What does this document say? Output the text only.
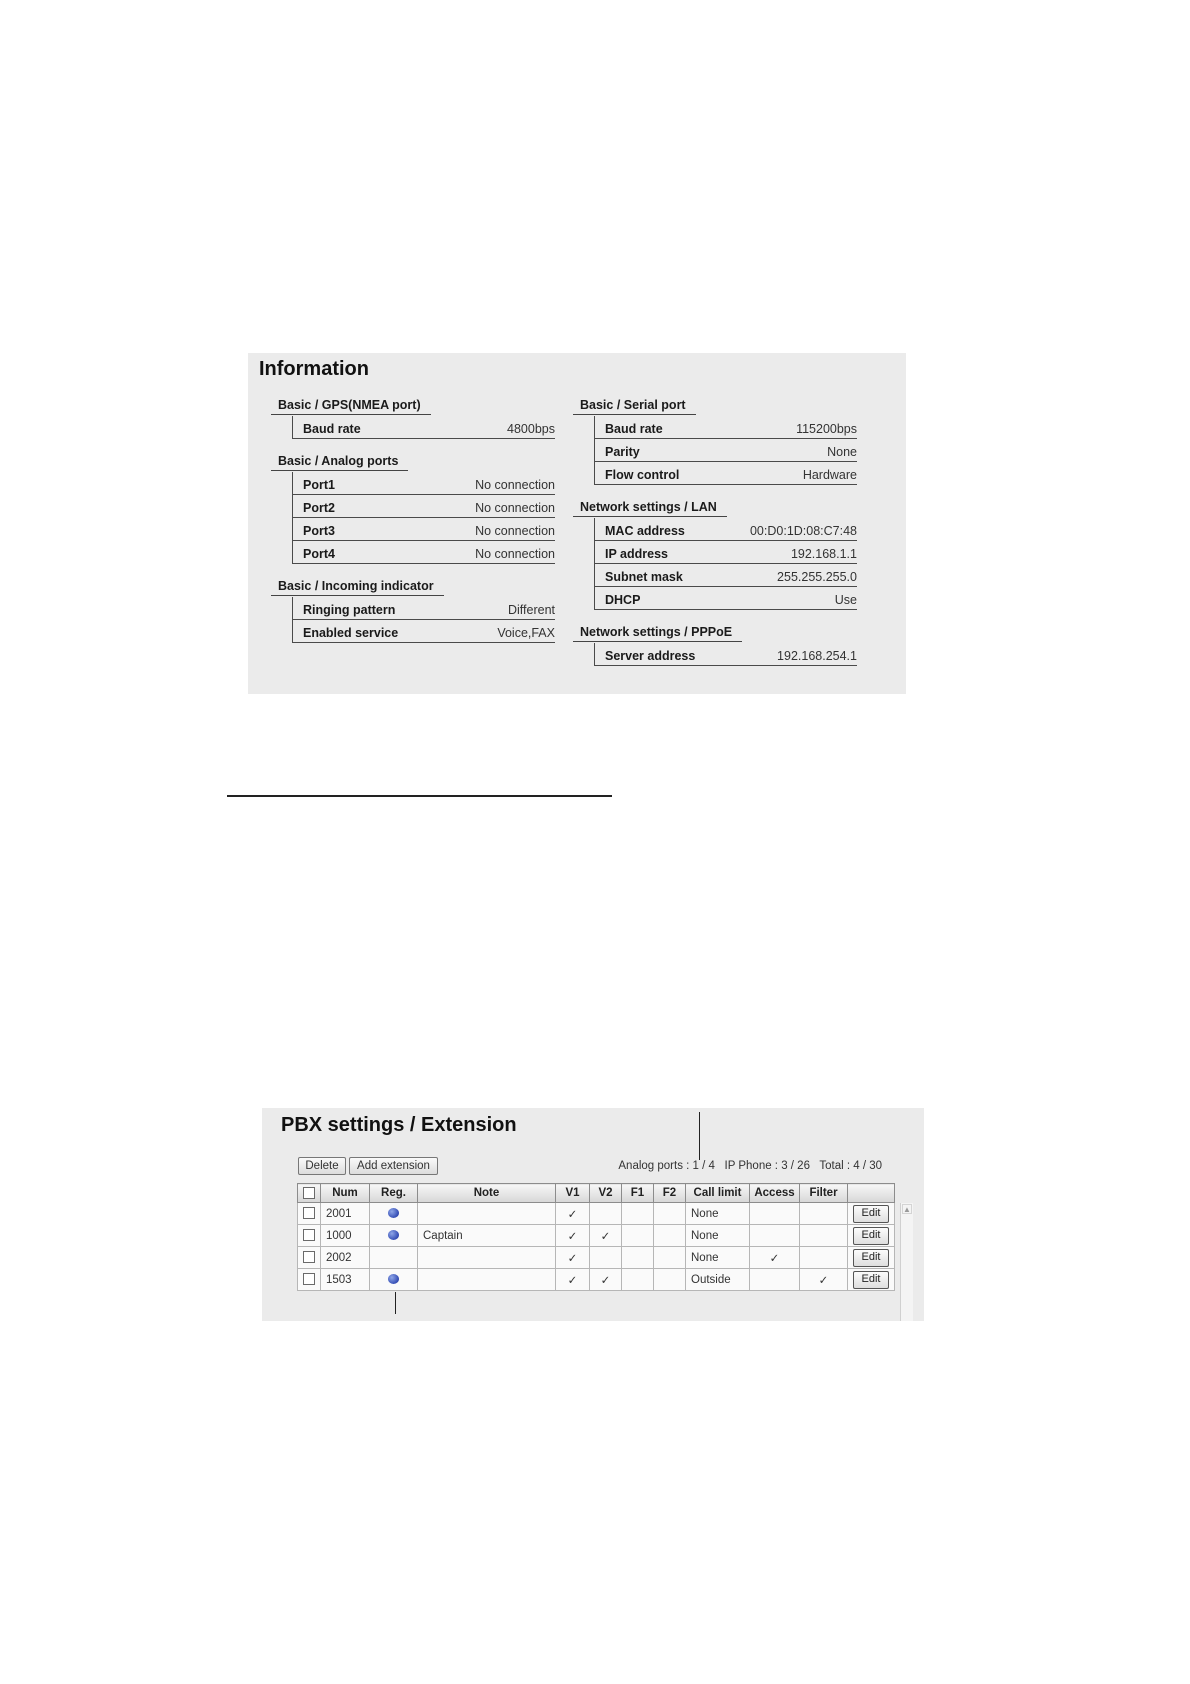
Information
Basic / GPS(NMEA port)
Baud rate	4800bps
Basic / Analog ports
Port1	No connection
Port2	No connection
Port3	No connection
Port4	No connection
Basic / Incoming indicator
Ringing pattern	Different
Enabled service	Voice,FAX
Basic / Serial port
Baud rate	115200bps
Parity	None
Flow control	Hardware
Network settings / LAN
MAC address	00:D0:1D:08:C7:48
IP address	192.168.1.1
Subnet mask	255.255.255.0
DHCP	Use
Network settings / PPPoE
Server address	192.168.254.1
PBX settings / Extension
Delete	Add extension	Analog ports : 1 / 4   IP Phone : 3 / 26   Total : 4 / 30
	Num	Reg.	Note	V1	V2	F1	F2	Call limit	Access	Filter	
	2001			✓				None			Edit
	1000		Captain	✓	✓			None			Edit
	2002			✓				None	✓		Edit
	1503			✓	✓			Outside		✓	Edit
▲
